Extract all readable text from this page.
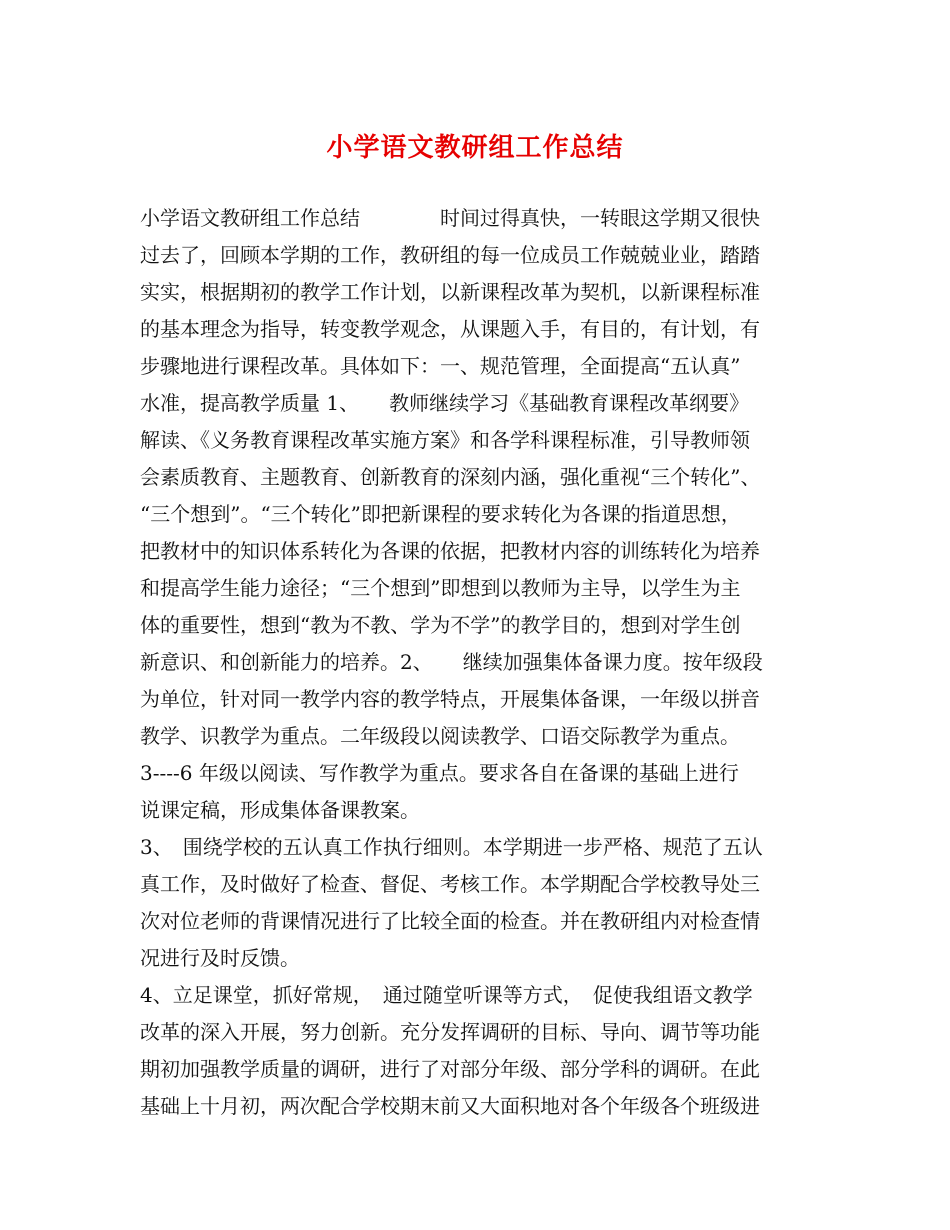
小学语文教研组工作总结
小学语文教研组工作总结　　　　时间过得真快，一转眼这学期又很快
过去了，回顾本学期的工作，教研组的每一位成员工作兢兢业业，踏踏
实实，根据期初的教学工作计划，以新课程改革为契机，以新课程标准
的基本理念为指导，转变教学观念，从课题入手，有目的，有计划，有
步骤地进行课程改革。具体如下：一、规范管理，全面提高“五认真”
水准，提高教学质量 1、　　教师继续学习《基础教育课程改革纲要》
解读、《义务教育课程改革实施方案》和各学科课程标准，引导教师领
会素质教育、主题教育、创新教育的深刻内涵，强化重视“三个转化”、
“三个想到”。“三个转化”即把新课程的要求转化为各课的指道思想，
把教材中的知识体系转化为各课的依据，把教材内容的训练转化为培养
和提高学生能力途径；“三个想到”即想到以教师为主导，以学生为主
体的重要性，想到“教为不教、学为不学”的教学目的，想到对学生创
新意识、和创新能力的培养。2、　　继续加强集体备课力度。按年级段
为单位，针对同一教学内容的教学特点，开展集体备课，一年级以拼音
教学、识教学为重点。二年级段以阅读教学、口语交际教学为重点。
3----6 年级以阅读、写作教学为重点。要求各自在备课的基础上进行
说课定稿，形成集体备课教案。
3、　围绕学校的五认真工作执行细则。本学期进一步严格、规范了五认
真工作，及时做好了检查、督促、考核工作。本学期配合学校教导处三
次对位老师的背课情况进行了比较全面的检查。并在教研组内对检查情
况进行及时反馈。
4、立足课堂，抓好常规，　通过随堂听课等方式，　促使我组语文教学
改革的深入开展，努力创新。充分发挥调研的目标、导向、调节等功能
期初加强教学质量的调研，进行了对部分年级、部分学科的调研。在此
基础上十月初，两次配合学校期末前又大面积地对各个年级各个班级进
